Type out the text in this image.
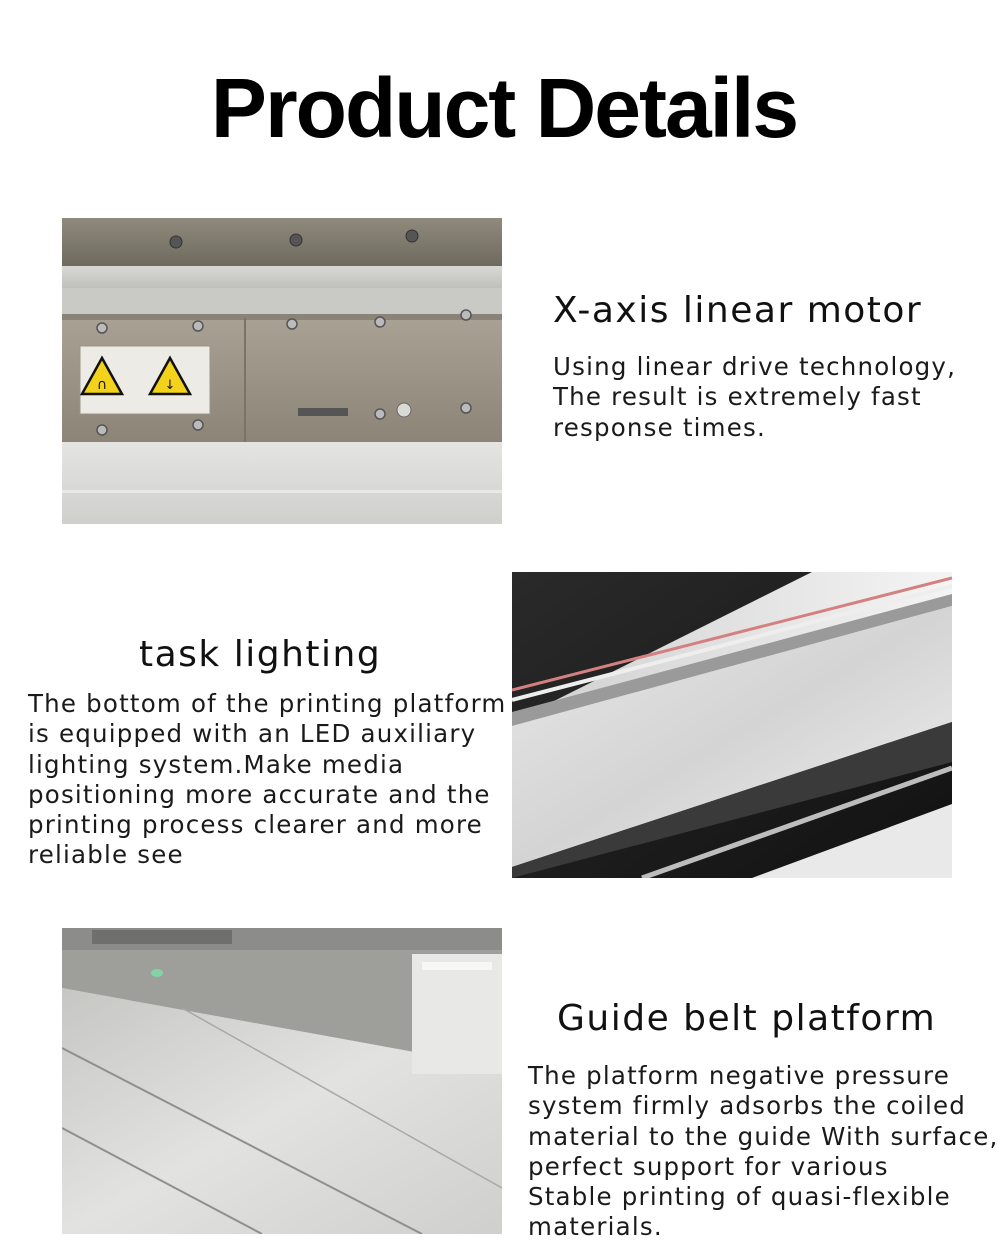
Product Details
∩	↓
X-axis linear motor
Using linear drive technology,
The result is extremely fast
response times.
task lighting
The bottom of the printing platform
is equipped with an LED auxiliary
lighting system.Make media
positioning more accurate and the
printing process clearer and more
reliable see
Guide belt platform
The platform negative pressure
system firmly adsorbs the coiled
material to the guide With surface,
perfect support for various
Stable printing of quasi-flexible
materials.
